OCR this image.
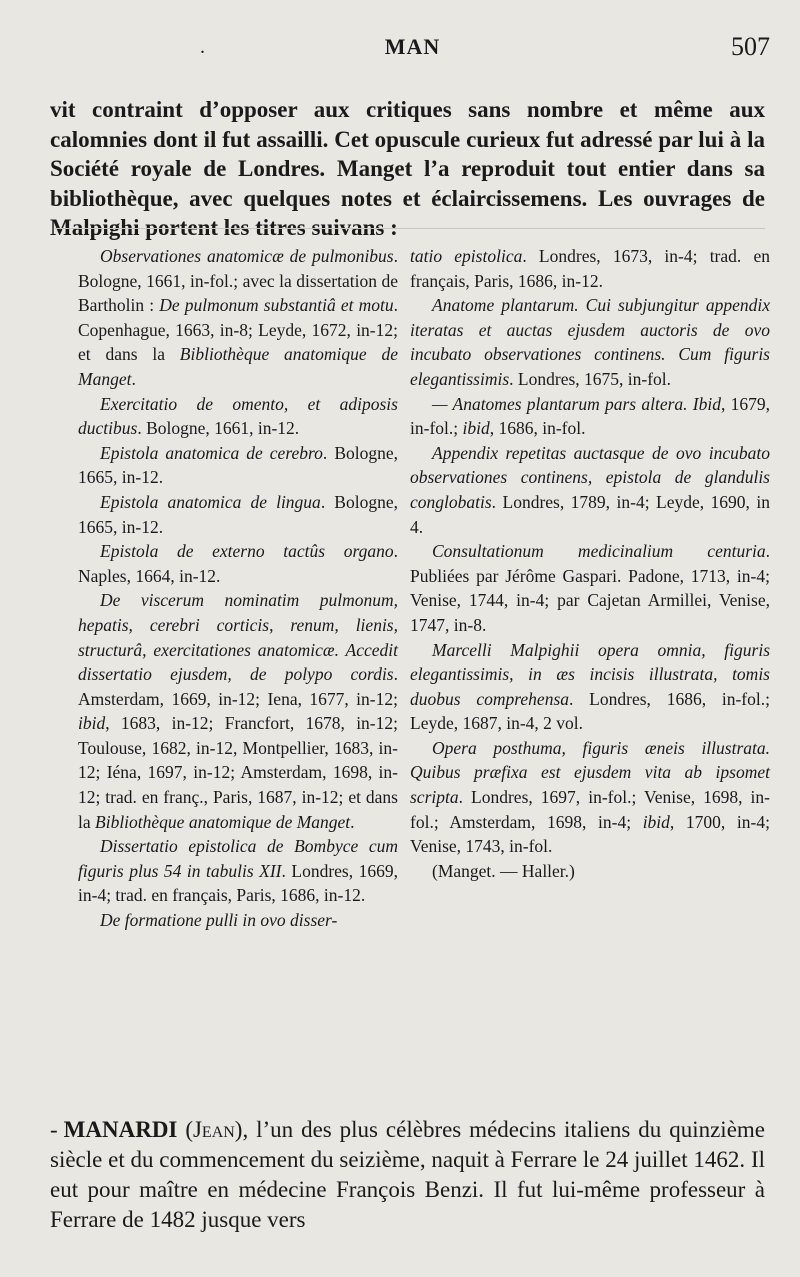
.	MAN	507

vit contraint d’opposer aux critiques sans nombre et même aux calomnies dont il fut assailli. Cet opuscule curieux fut adressé par lui à la Société royale de Londres. Manget l’a reproduit tout entier dans sa bibliothèque, avec quelques notes et éclaircissemens. Les ouvrages de Malpighi portent les titres suivans :

Observationes anatomicæ de pulmonibus. Bologne, 1661, in-fol.; avec la dissertation de Bartholin : De pulmonum substantiâ et motu. Copenhague, 1663, in-8; Leyde, 1672, in-12; et dans la Bibliothèque anatomique de Manget.

Exercitatio de omento, et adiposis ductibus. Bologne, 1661, in-12.

Epistola anatomica de cerebro. Bologne, 1665, in-12.

Epistola anatomica de lingua. Bologne, 1665, in-12.

Epistola de externo tactûs organo. Naples, 1664, in-12.

De viscerum nominatim pulmonum, hepatis, cerebri corticis, renum, lienis, structurâ, exercitationes anatomicæ. Accedit dissertatio ejusdem, de polypo cordis. Amsterdam, 1669, in-12; Iena, 1677, in-12; ibid, 1683, in-12; Francfort, 1678, in-12; Toulouse, 1682, in-12, Montpellier, 1683, in-12; Iéna, 1697, in-12; Amsterdam, 1698, in-12; trad. en franç., Paris, 1687, in-12; et dans la Bibliothèque anatomique de Manget.

Dissertatio epistolica de Bombyce cum figuris plus 54 in tabulis XII. Londres, 1669, in-4; trad. en français, Paris, 1686, in-12.

De formatione pulli in ovo disser-

tatio epistolica. Londres, 1673, in-4; trad. en français, Paris, 1686, in-12.

Anatome plantarum. Cui subjungitur appendix iteratas et auctas ejusdem auctoris de ovo incubato observationes continens. Cum figuris elegantissimis. Londres, 1675, in-fol.

— Anatomes plantarum pars altera. Ibid, 1679, in-fol.; ibid, 1686, in-fol.

Appendix repetitas auctasque de ovo incubato observationes continens, epistola de glandulis conglobatis. Londres, 1789, in-4; Leyde, 1690, in 4.

Consultationum medicinalium centuria. Publiées par Jérôme Gaspari. Padone, 1713, in-4; Venise, 1744, in-4; par Cajetan Armillei, Venise, 1747, in-8.

Marcelli Malpighii opera omnia, figuris elegantissimis, in æs incisis illustrata, tomis duobus comprehensa. Londres, 1686, in-fol.; Leyde, 1687, in-4, 2 vol.

Opera posthuma, figuris æneis illustrata. Quibus præfixa est ejusdem vita ab ipsomet scripta. Londres, 1697, in-fol.; Venise, 1698, in-fol.; Amsterdam, 1698, in-4; ibid, 1700, in-4; Venise, 1743, in-fol.

(Manget. — Haller.)

- MANARDI (Jean), l’un des plus célèbres médecins italiens du quinzième siècle et du commencement du seizième, naquit à Ferrare le 24 juillet 1462. Il eut pour maître en médecine François Benzi. Il fut lui-même professeur à Ferrare de 1482 jusque vers
